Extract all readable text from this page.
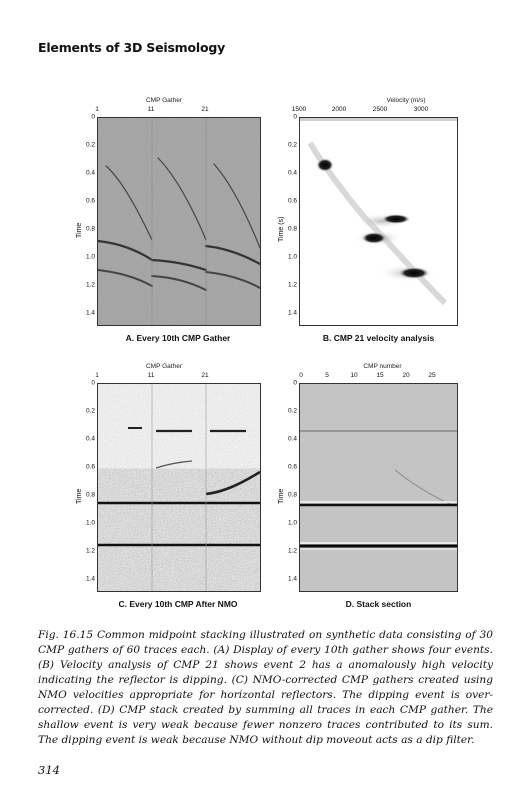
Elements of 3D Seismology
CMP Gather
1	11	21
0
0.2
0.4
0.6
0.8
1.0
1.2
1.4
Time
A. Every 10th CMP Gather
Velocity (m/s)
1500	2000	2500	3000
0
0.2
0.4
0.6
0.8
1.0
1.2
1.4
Time (s)
B. CMP 21 velocity analysis
CMP Gather
1	11	21
0
0.2
0.4
0.6
0.8
1.0
1.2
1.4
Time
C. Every 10th CMP After NMO
CMP number
0	5	10	15	20	25
0
0.2
0.4
0.6
0.8
1.0
1.2
1.4
Time
D. Stack section
Fig. 16.15 Common midpoint stacking illustrated on synthetic data consisting of 30 CMP gathers of 60 traces each. (A) Display of every 10th gather shows four events. (B) Velocity analysis of CMP 21 shows event 2 has a anomalously high velocity indicating the reflector is dipping. (C) NMO-corrected CMP gathers created using NMO velocities appropriate for horizontal reflectors. The dipping event is over-corrected. (D) CMP stack created by summing all traces in each CMP gather. The shallow event is very weak because fewer nonzero traces contributed to its sum. The dipping event is weak because NMO without dip moveout acts as a dip filter.
314
